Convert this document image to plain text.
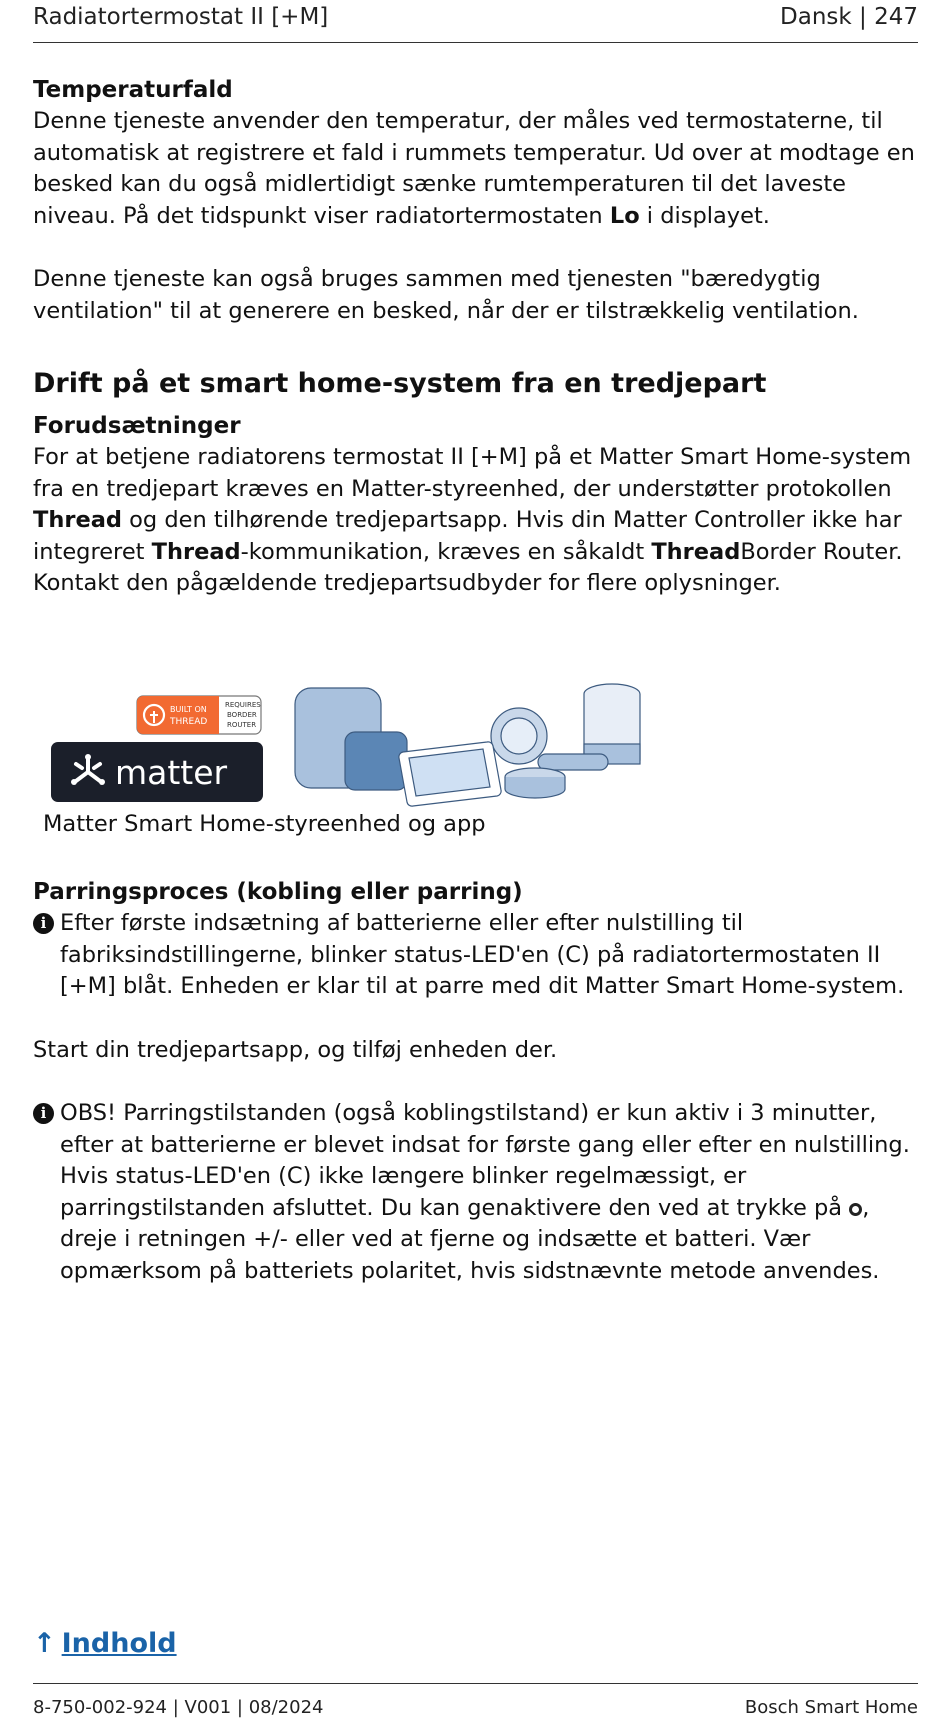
Radiatortermostat II [+M]	Dansk | 247
Temperaturfald

Denne tjeneste anvender den temperatur, der måles ved termostaterne, til automatisk at registrere et fald i rummets temperatur. Ud over at modtage en besked kan du også midlertidigt sænke rumtemperaturen til det laveste niveau. På det tidspunkt viser radiatortermostaten Lo i displayet.

Denne tjeneste kan også bruges sammen med tjenesten "bæredygtig ventilation" til at generere en besked, når der er tilstrækkelig ventilation.

Drift på et smart home-system fra en tredjepart
Forudsætninger

For at betjene radiatorens termostat II [+M] på et Matter Smart Home-system fra en tredjepart kræves en Matter-styreenhed, der understøtter protokollen Thread og den tilhørende tredjepartsapp. Hvis din Matter Controller ikke har integreret Thread-kommunikation, kræves en såkaldt ThreadBorder Router. Kontakt den pågældende tredjepartsudbyder for flere oplysninger.

BUILT ON
THREAD
REQUIRES
BORDER
ROUTER
matter
Matter Smart Home-styreenhed og app
Parringsproces (kobling eller parring)
i Efter første indsætning af batterierne eller efter nulstilling til fabriksindstillingerne, blinker status-LED'en (C) på radiatortermostaten II [+M] blåt. Enheden er klar til at parre med dit Matter Smart Home-system.

Start din tredjepartsapp, og tilføj enheden der.

i OBS! Parringstilstanden (også koblingstilstand) er kun aktiv i 3 minutter, efter at batterierne er blevet indsat for første gang eller efter en nulstilling. Hvis status-LED'en (C) ikke længere blinker regelmæssigt, er parringstilstanden afsluttet. Du kan genaktivere den ved at trykke på , dreje i retningen +/- eller ved at fjerne og indsætte et batteri. Vær opmærksom på batteriets polaritet, hvis sidstnævnte metode anvendes.

↑ Indhold
8-750-002-924 | V001 | 08/2024	Bosch Smart Home
